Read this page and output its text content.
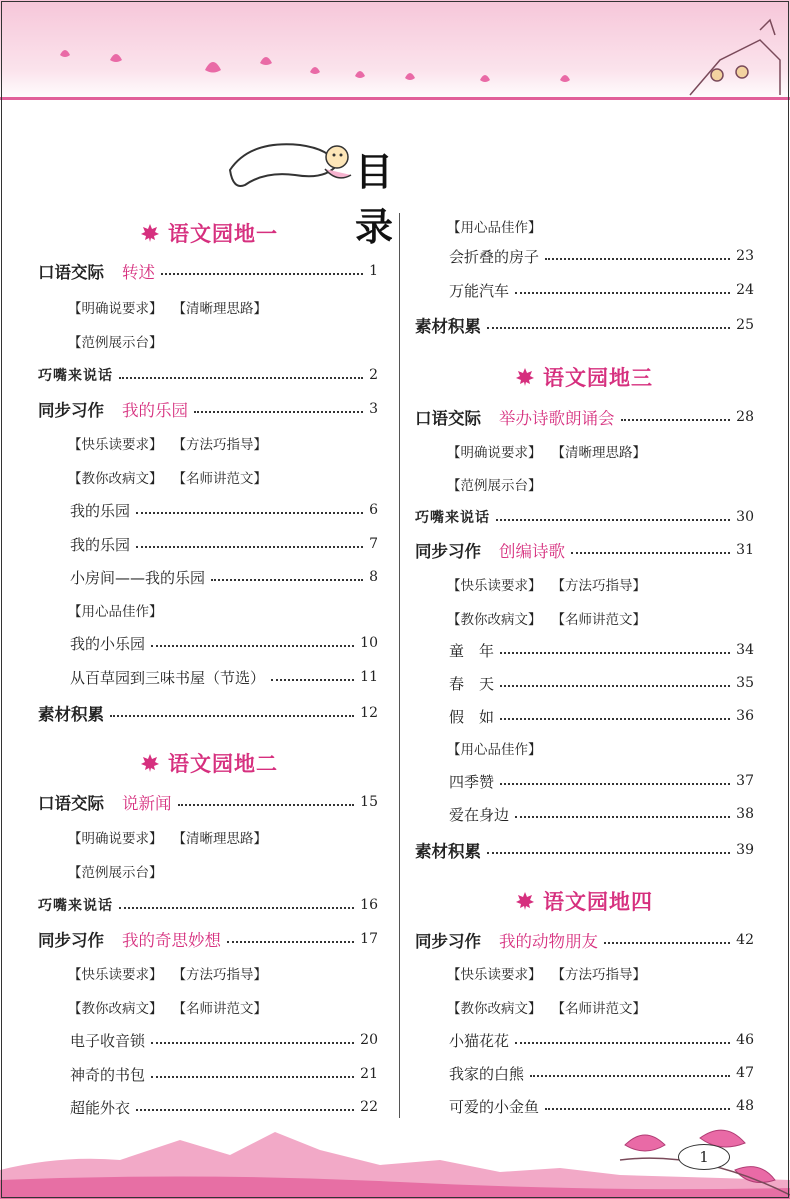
目 录
语文园地一
口语交际 转述	1
【明确说要求】 【清晰理思路】
【范例展示台】
巧嘴来说话	2
同步习作 我的乐园	3
【快乐读要求】 【方法巧指导】
【教你改病文】 【名师讲范文】
我的乐园	6
我的乐园	7
小房间——我的乐园	8
【用心品佳作】
我的小乐园	10
从百草园到三味书屋（节选）	11
素材积累	12
语文园地二
口语交际 说新闻	15
【明确说要求】 【清晰理思路】
【范例展示台】
巧嘴来说话	16
同步习作 我的奇思妙想	17
【快乐读要求】 【方法巧指导】
【教你改病文】 【名师讲范文】
电子收音锁	20
神奇的书包	21
超能外衣	22
【用心品佳作】
会折叠的房子	23
万能汽车	24
素材积累	25
语文园地三
口语交际 举办诗歌朗诵会	28
【明确说要求】 【清晰理思路】
【范例展示台】
巧嘴来说话	30
同步习作 创编诗歌	31
【快乐读要求】 【方法巧指导】
【教你改病文】 【名师讲范文】
童　年	34
春　天	35
假　如	36
【用心品佳作】
四季赞	37
爱在身边	38
素材积累	39
语文园地四
同步习作 我的动物朋友	42
【快乐读要求】 【方法巧指导】
【教你改病文】 【名师讲范文】
小猫花花	46
我家的白熊	47
可爱的小金鱼	48
1
